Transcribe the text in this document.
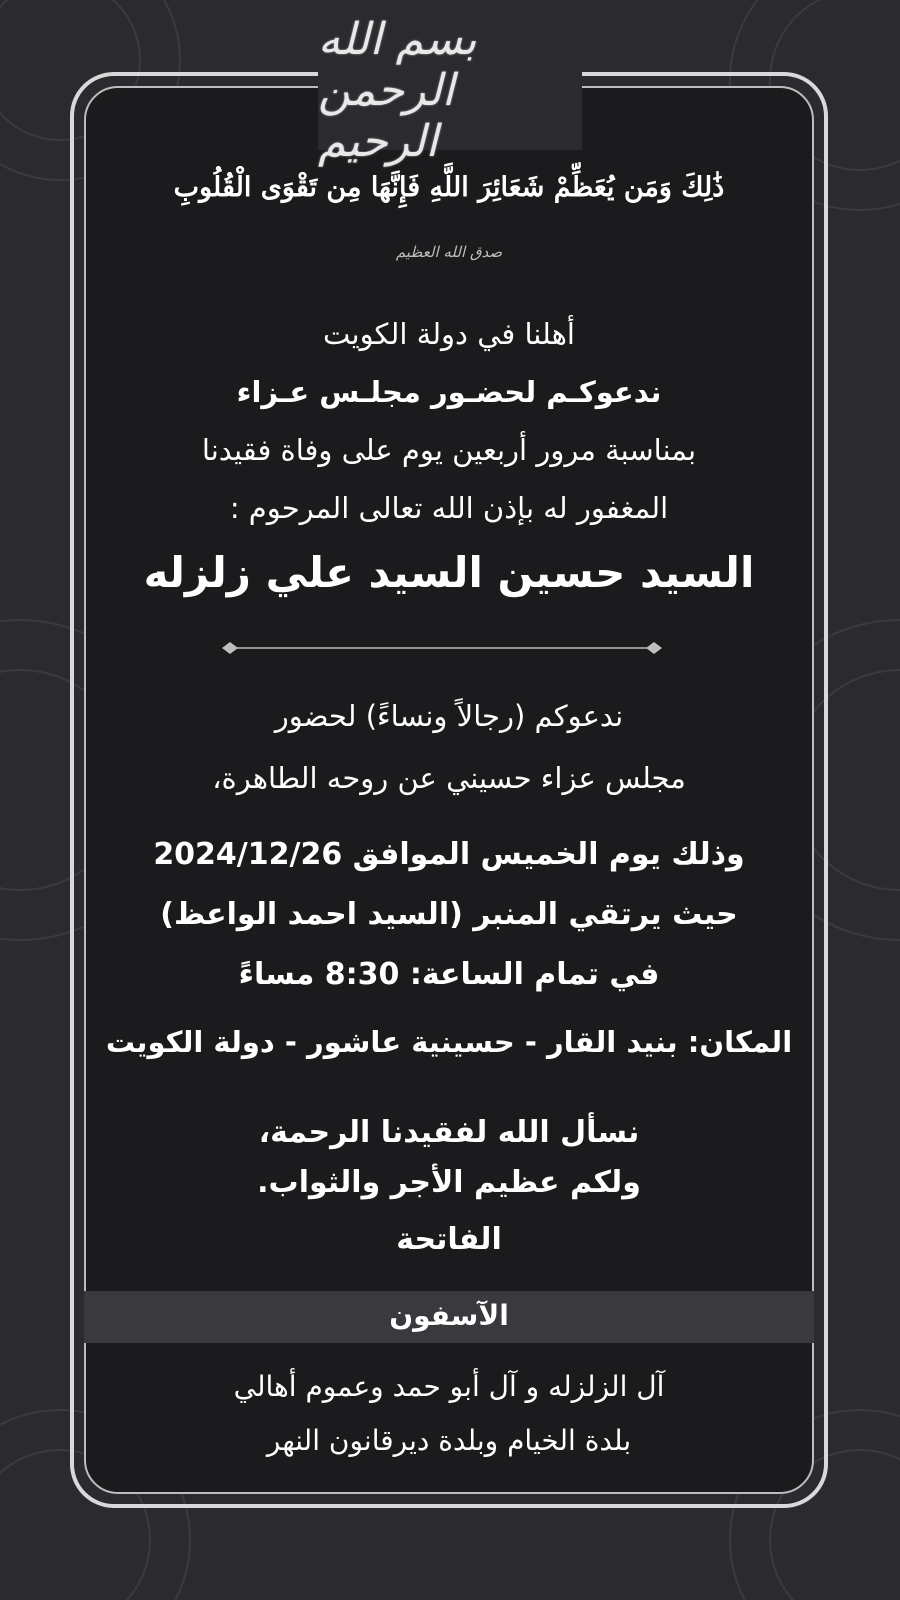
بسم الله الرحمن الرحيم
ذَٰلِكَ وَمَن يُعَظِّمْ شَعَائِرَ اللَّهِ فَإِنَّهَا مِن تَقْوَى الْقُلُوبِ
صدق الله العظيم
أهلنا في دولة الكويت
ندعوكـم لحضـور مجلـس عـزاء
بمناسبة مرور أربعين يوم على وفاة فقيدنا
المغفور له بإذن الله تعالى المرحوم :
السيد حسين السيد علي زلزله
ندعوكم (رجالاً ونساءً) لحضور
مجلس عزاء حسيني عن روحه الطاهرة،
وذلك يوم الخميس الموافق 2024/12/26
حيث يرتقي المنبر (السيد احمد الواعظ)
في تمام الساعة: 8:30 مساءً
المكان: بنيد القار - حسينية عاشور - دولة الكويت
نسأل الله لفقيدنا الرحمة،
ولكم عظيم الأجر والثواب.
الفاتحة
الآسفون
آل الزلزله و آل أبو حمد وعموم أهالي
بلدة الخيام وبلدة ديرقانون النهر
